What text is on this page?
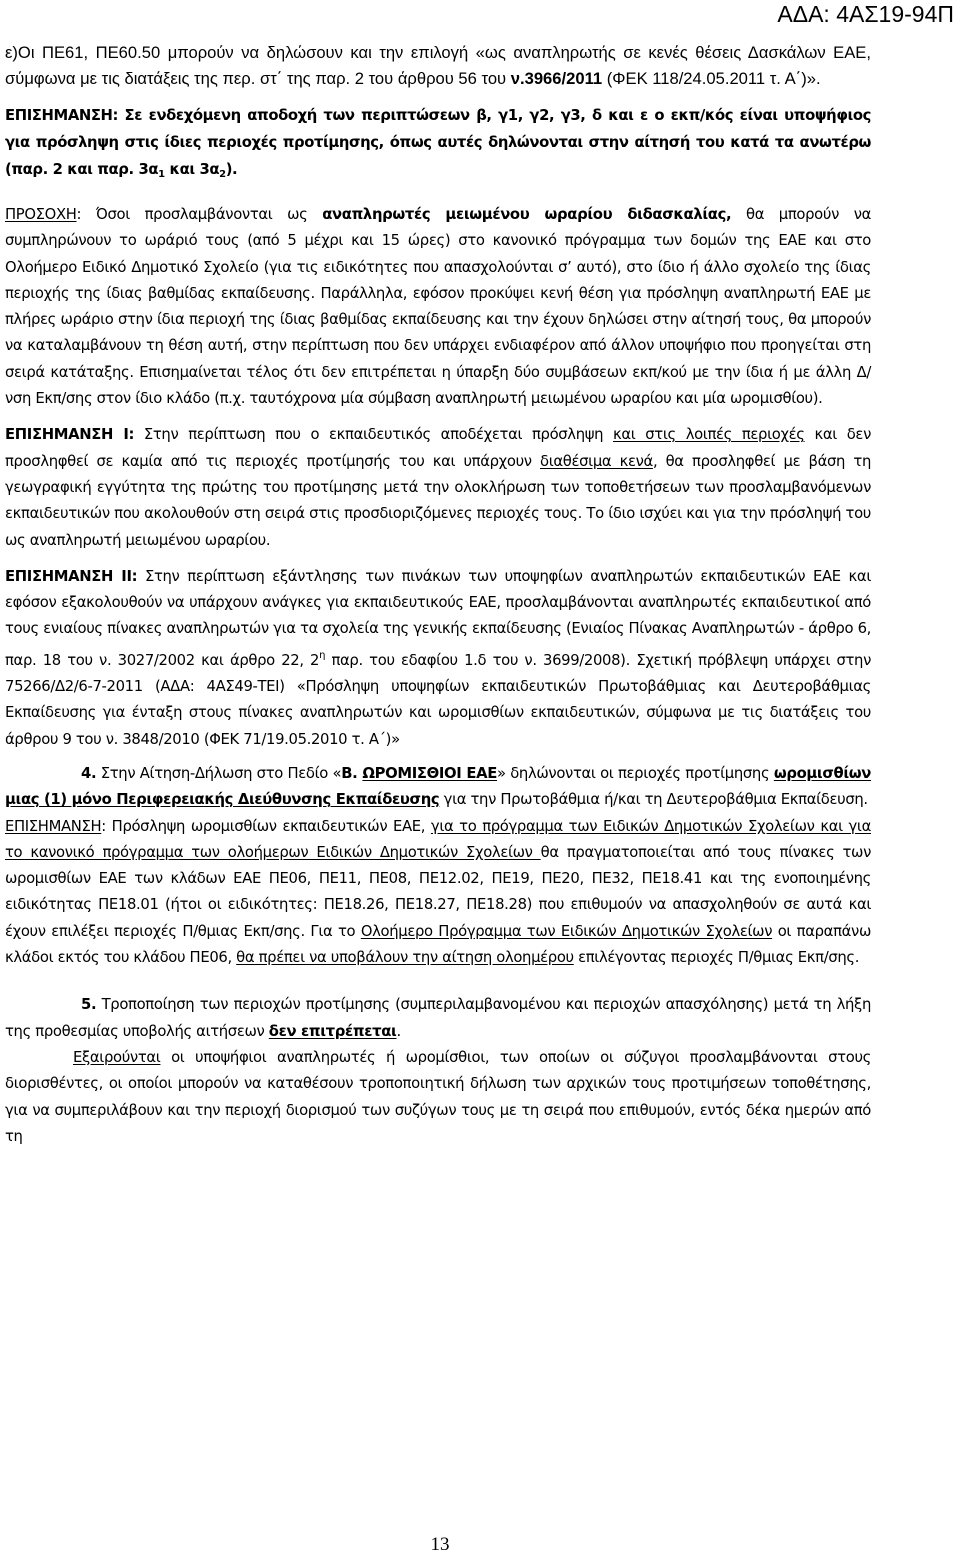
ΑΔΑ: 4ΑΣ19-94Π

ε)Οι ΠΕ61, ΠΕ60.50 μπορούν να δηλώσουν και την επιλογή «ως αναπληρωτής σε κενές θέσεις Δασκάλων ΕΑΕ, σύμφωνα με τις διατάξεις της περ. στ΄ της παρ. 2 του άρθρου 56 του ν.3966/2011 (ΦΕΚ 118/24.05.2011 τ. Α΄)».

ΕΠΙΣΗΜΑΝΣΗ: Σε ενδεχόμενη αποδοχή των περιπτώσεων β, γ1, γ2, γ3, δ και ε ο εκπ/κός είναι υποψήφιος για πρόσληψη στις ίδιες περιοχές προτίμησης, όπως αυτές δηλώνονται στην αίτησή του κατά τα ανωτέρω (παρ. 2 και παρ. $3\alpha_1$ και $3\alpha_2$).

ΠΡΟΣΟΧΗ: Όσοι προσλαμβάνονται ως αναπληρωτές μειωμένου ωραρίου διδασκαλίας, θα μπορούν να συμπληρώνουν το ωράριό τους (από 5 μέχρι και 15 ώρες) στο κανονικό πρόγραμμα των δομών της ΕΑΕ και στο Ολοήμερο Ειδικό Δημοτικό Σχολείο (για τις ειδικότητες που απασχολούνται σ’ αυτό), στο ίδιο ή άλλο σχολείο της ίδιας περιοχής της ίδιας βαθμίδας εκπαίδευσης. Παράλληλα, εφόσον προκύψει κενή θέση για πρόσληψη αναπληρωτή ΕΑΕ με πλήρες ωράριο στην ίδια περιοχή της ίδιας βαθμίδας εκπαίδευσης και την έχουν δηλώσει στην αίτησή τους, θα μπορούν να καταλαμβάνουν τη θέση αυτή, στην περίπτωση που δεν υπάρχει ενδιαφέρον από άλλον υποψήφιο που προηγείται στη σειρά κατάταξης. Επισημαίνεται τέλος ότι δεν επιτρέπεται η ύπαρξη δύο συμβάσεων εκπ/κού με την ίδια ή με άλλη Δ/νση Εκπ/σης στον ίδιο κλάδο (π.χ. ταυτόχρονα μία σύμβαση αναπληρωτή μειωμένου ωραρίου και μία ωρομισθίου).

ΕΠΙΣΗΜΑΝΣΗ Ι: Στην περίπτωση που ο εκπαιδευτικός αποδέχεται πρόσληψη και στις λοιπές περιοχές και δεν προσληφθεί σε καμία από τις περιοχές προτίμησής του και υπάρχουν διαθέσιμα κενά, θα προσληφθεί με βάση τη γεωγραφική εγγύτητα της πρώτης του προτίμησης μετά την ολοκλήρωση των τοποθετήσεων των προσλαμβανόμενων εκπαιδευτικών που ακολουθούν στη σειρά στις προσδιοριζόμενες περιοχές τους. Το ίδιο ισχύει και για την πρόσληψή του ως αναπληρωτή μειωμένου ωραρίου.

ΕΠΙΣΗΜΑΝΣΗ ΙΙ: Στην περίπτωση εξάντλησης των πινάκων των υποψηφίων αναπληρωτών εκπαιδευτικών ΕΑΕ και εφόσον εξακολουθούν να υπάρχουν ανάγκες για εκπαιδευτικούς ΕΑΕ, προσλαμβάνονται αναπληρωτές εκπαιδευτικοί από τους ενιαίους πίνακες αναπληρωτών για τα σχολεία της γενικής εκπαίδευσης (Ενιαίος Πίνακας Αναπληρωτών - άρθρο 6, παρ. 18 του ν. 3027/2002 και άρθρο 22, $2^\eta$ παρ. του εδαφίου 1.δ του ν. 3699/2008). Σχετική πρόβλεψη υπάρχει στην 75266/Δ2/6-7-2011 (ΑΔΑ: 4ΑΣ49-ΤΕΙ) «Πρόσληψη υποψηφίων εκπαιδευτικών Πρωτοβάθμιας και Δευτεροβάθμιας Εκπαίδευσης για ένταξη στους πίνακες αναπληρωτών και ωρομισθίων εκπαιδευτικών, σύμφωνα με τις διατάξεις του άρθρου 9 του ν. 3848/2010 (ΦΕΚ 71/19.05.2010 τ. Α΄)»

4. Στην Αίτηση-Δήλωση στο Πεδίο «Β. ΩΡΟΜΙΣΘΙΟΙ ΕΑΕ» δηλώνονται οι περιοχές προτίμησης ωρομισθίων μιας (1) μόνο Περιφερειακής Διεύθυνσης Εκπαίδευσης για την Πρωτοβάθμια ή/και τη Δευτεροβάθμια Εκπαίδευση.

ΕΠΙΣΗΜΑΝΣΗ: Πρόσληψη ωρομισθίων εκπαιδευτικών ΕΑΕ, για το πρόγραμμα των Ειδικών Δημοτικών Σχολείων και για το κανονικό πρόγραμμα των ολοήμερων Ειδικών Δημοτικών Σχολείων θα πραγματοποιείται από τους πίνακες των ωρομισθίων ΕΑΕ των κλάδων ΕΑΕ ΠΕ06, ΠΕ11, ΠΕ08, ΠΕ12.02, ΠΕ19, ΠΕ20, ΠΕ32, ΠΕ18.41 και της ενοποιημένης ειδικότητας ΠΕ18.01 (ήτοι οι ειδικότητες: ΠΕ18.26, ΠΕ18.27, ΠΕ18.28) που επιθυμούν να απασχοληθούν σε αυτά και έχουν επιλέξει περιοχές Π/θμιας Εκπ/σης. Για το Ολοήμερο Πρόγραμμα των Ειδικών Δημοτικών Σχολείων οι παραπάνω κλάδοι εκτός του κλάδου ΠΕ06, θα πρέπει να υποβάλουν την αίτηση ολοημέρου επιλέγοντας περιοχές Π/θμιας Εκπ/σης.

5. Τροποποίηση των περιοχών προτίμησης (συμπεριλαμβανομένου και περιοχών απασχόλησης) μετά τη λήξη της προθεσμίας υποβολής αιτήσεων δεν επιτρέπεται.

Εξαιρούνται οι υποψήφιοι αναπληρωτές ή ωρομίσθιοι, των οποίων οι σύζυγοι προσλαμβάνονται στους διορισθέντες, οι οποίοι μπορούν να καταθέσουν τροποποιητική δήλωση των αρχικών τους προτιμήσεων τοποθέτησης, για να συμπεριλάβουν και την περιοχή διορισμού των συζύγων τους με τη σειρά που επιθυμούν, εντός δέκα ημερών από τη

13
